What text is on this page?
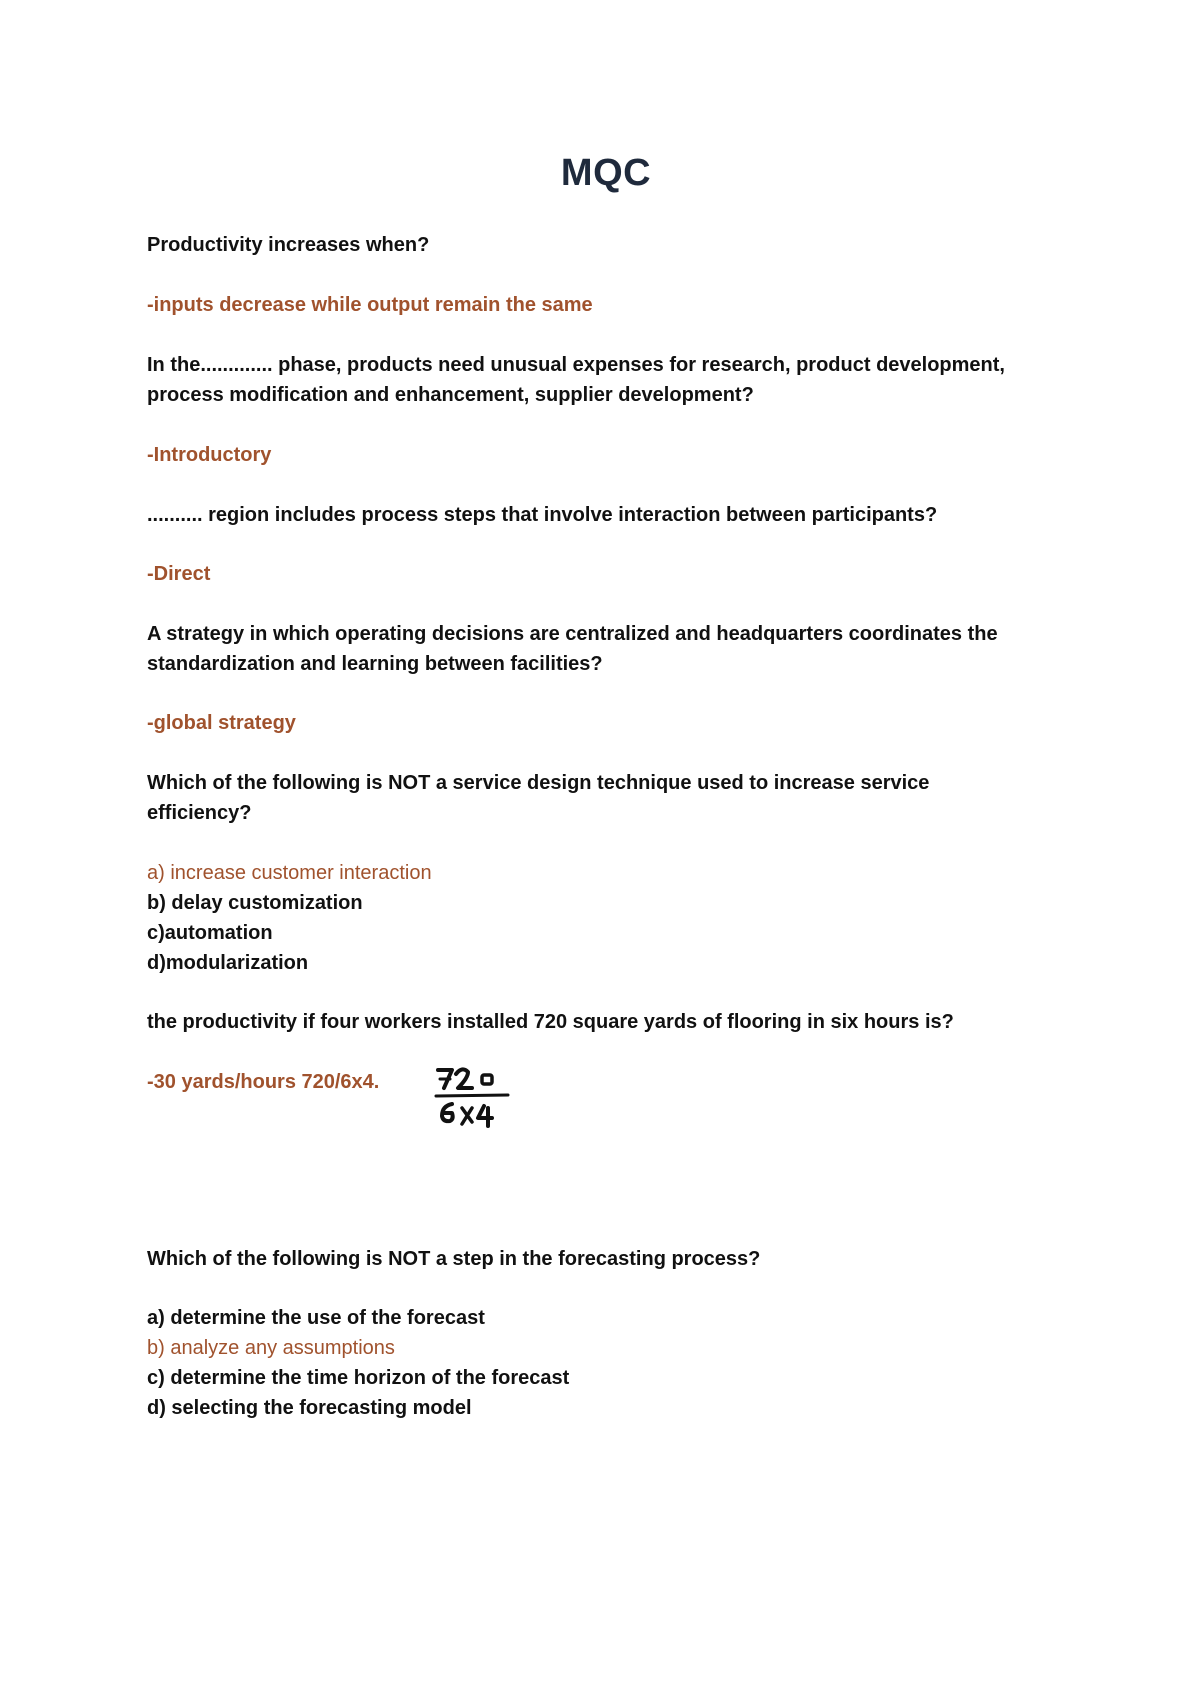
MQC
Productivity increases when?
-inputs decrease while output remain the same
In the............. phase, products need unusual expenses for research, product development,
process modification and enhancement, supplier development?
-Introductory
.......... region includes process steps that involve interaction between participants?
-Direct
A strategy in which operating decisions are centralized and headquarters coordinates the
standardization and learning between facilities?
-global strategy
Which of the following is NOT a service design technique used to increase service
efficiency?
a) increase customer interaction
b) delay customization
c)automation
d)modularization
the productivity if four workers installed 720 square yards of flooring in six hours is?
-30 yards/hours 720/6x4.
Which of the following is NOT a step in the forecasting process?
a) determine the use of the forecast
b) analyze any assumptions
c) determine the time horizon of the forecast
d) selecting the forecasting model
